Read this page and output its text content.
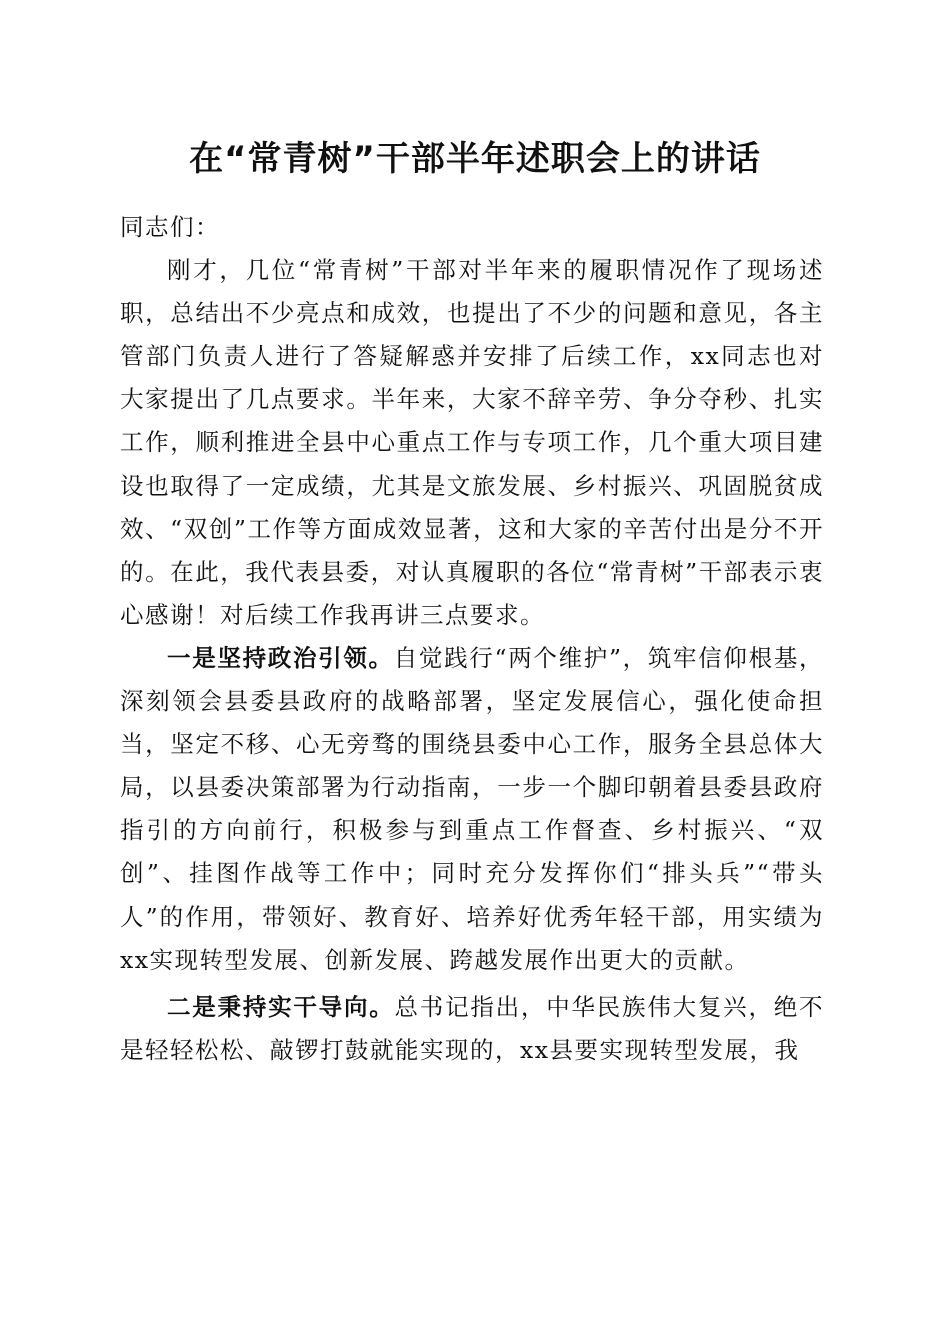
在“常青树”干部半年述职会上的讲话

同志们：

刚才，几位“常青树”干部对半年来的履职情况作了现场述职，总结出不少亮点和成效，也提出了不少的问题和意见，各主管部门负责人进行了答疑解惑并安排了后续工作，xx同志也对大家提出了几点要求。半年来，大家不辞辛劳、争分夺秒、扎实工作，顺利推进全县中心重点工作与专项工作，几个重大项目建设也取得了一定成绩，尤其是文旅发展、乡村振兴、巩固脱贫成效、“双创”工作等方面成效显著，这和大家的辛苦付出是分不开的。在此，我代表县委，对认真履职的各位“常青树”干部表示衷心感谢！对后续工作我再讲三点要求。

一是坚持政治引领。自觉践行“两个维护”，筑牢信仰根基，深刻领会县委县政府的战略部署，坚定发展信心，强化使命担当，坚定不移、心无旁骛的围绕县委中心工作，服务全县总体大局，以县委决策部署为行动指南，一步一个脚印朝着县委县政府指引的方向前行，积极参与到重点工作督查、乡村振兴、“双创”、挂图作战等工作中；同时充分发挥你们“排头兵”“带头人”的作用，带领好、教育好、培养好优秀年轻干部，用实绩为xx实现转型发展、创新发展、跨越发展作出更大的贡献。

二是秉持实干导向。总书记指出，中华民族伟大复兴，绝不是轻轻松松、敲锣打鼓就能实现的，xx县要实现转型发展，我
